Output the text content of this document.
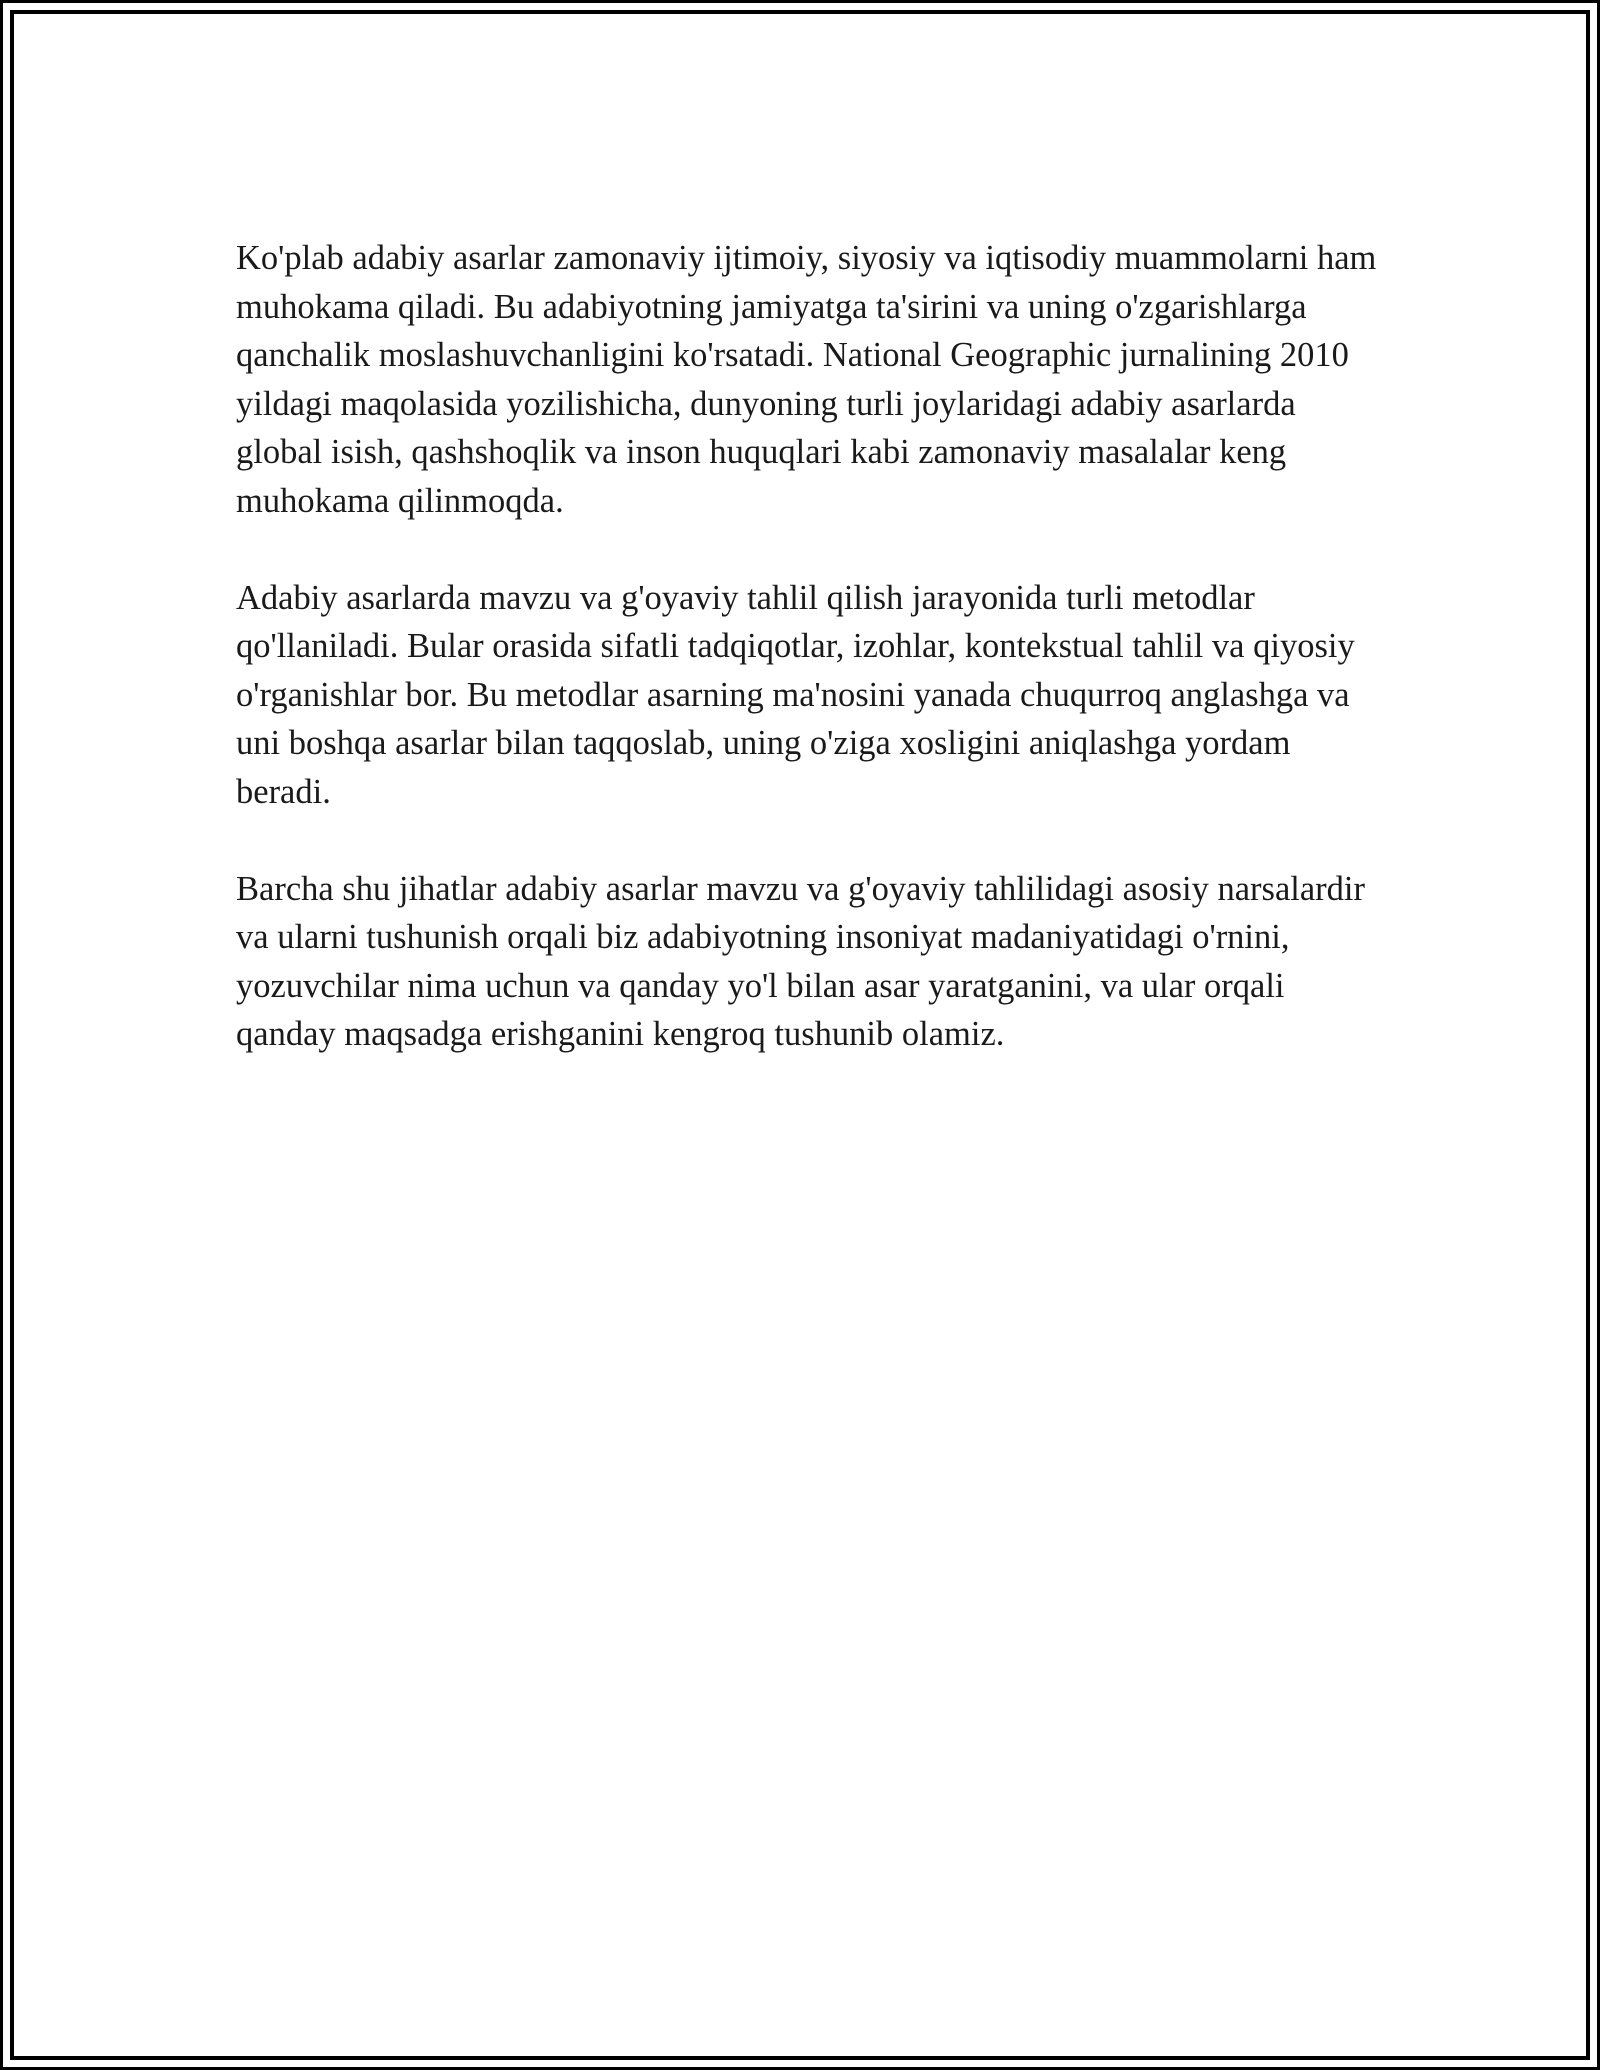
Ko'plab adabiy asarlar zamonaviy ijtimoiy, siyosiy va iqtisodiy muammolarni ham muhokama qiladi. Bu adabiyotning jamiyatga ta'sirini va uning o'zgarishlarga qanchalik moslashuvchanligini ko'rsatadi. National Geographic jurnalining 2010 yildagi maqolasida yozilishicha, dunyoning turli joylaridagi adabiy asarlarda global isish, qashshoqlik va inson huquqlari kabi zamonaviy masalalar keng muhokama qilinmoqda.

Adabiy asarlarda mavzu va g'oyaviy tahlil qilish jarayonida turli metodlar qo'llaniladi. Bular orasida sifatli tadqiqotlar, izohlar, kontekstual tahlil va qiyosiy o'rganishlar bor. Bu metodlar asarning ma'nosini yanada chuqurroq anglashga va uni boshqa asarlar bilan taqqoslab, uning o'ziga xosligini aniqlashga yordam beradi.

Barcha shu jihatlar adabiy asarlar mavzu va g'oyaviy tahlilidagi asosiy narsalardir va ularni tushunish orqali biz adabiyotning insoniyat madaniyatidagi o'rnini, yozuvchilar nima uchun va qanday yo'l bilan asar yaratganini, va ular orqali qanday maqsadga erishganini kengroq tushunib olamiz.
